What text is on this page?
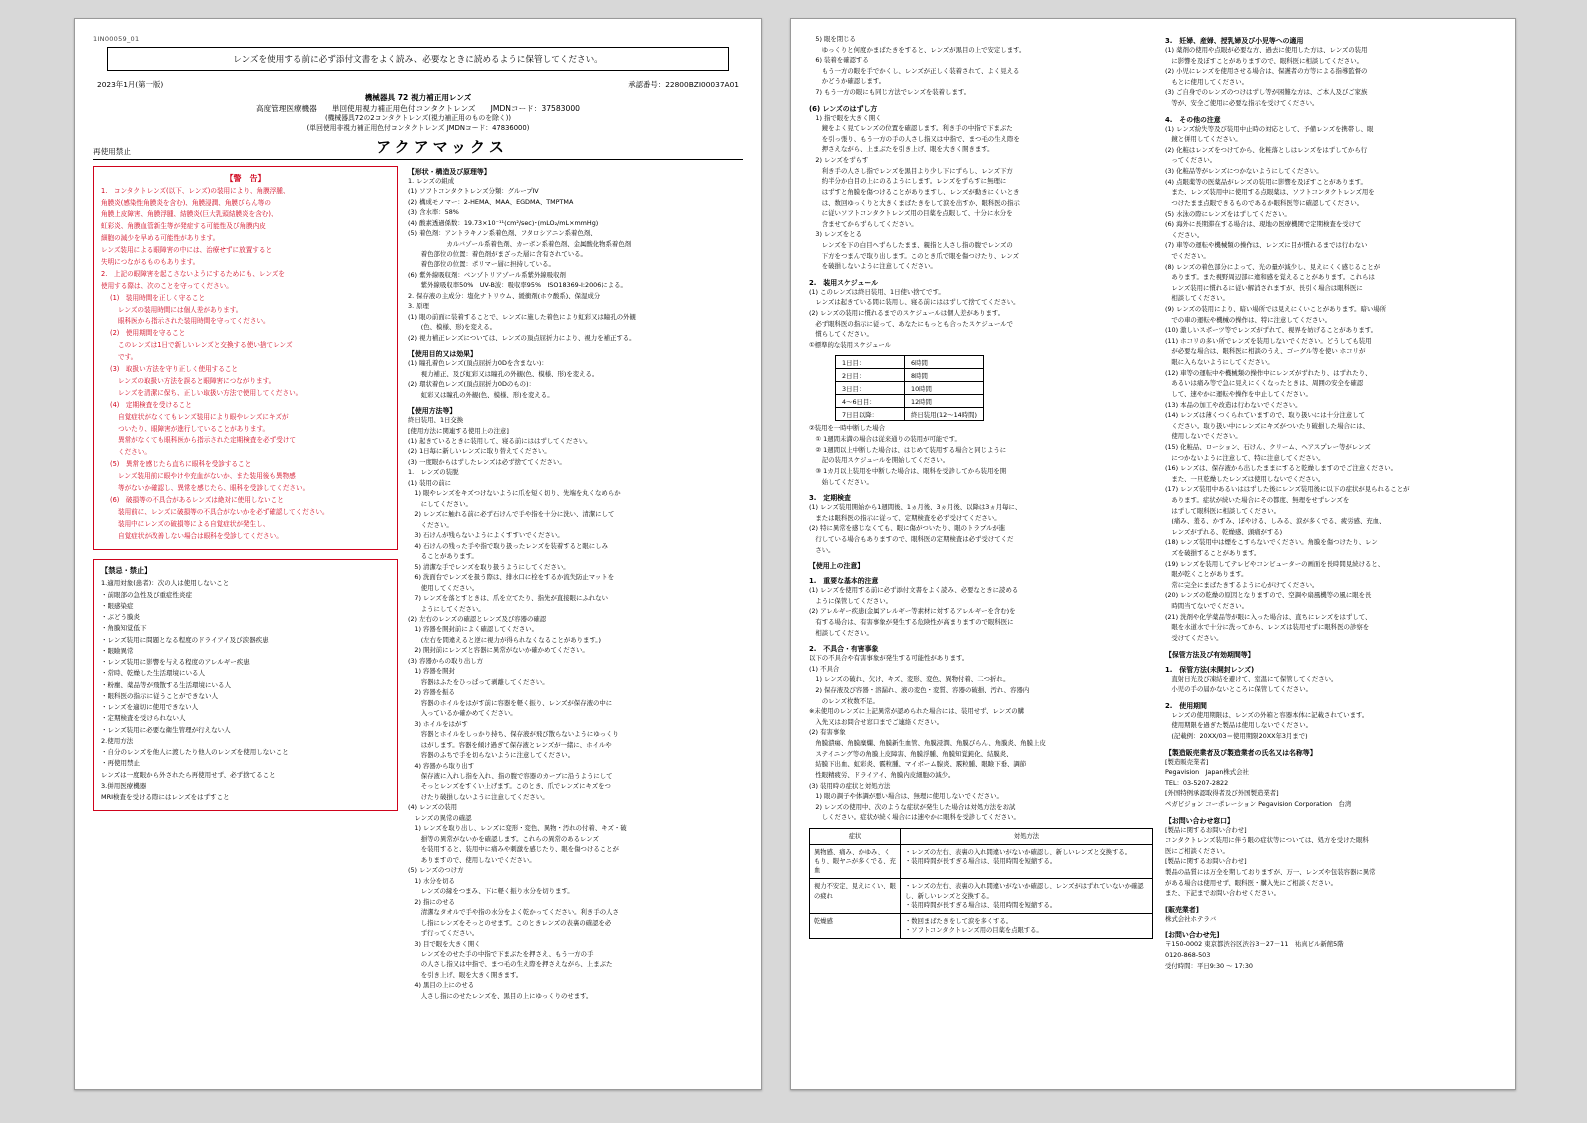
1IN00059_01
レンズを使用する前に必ず添付文書をよく読み、必要なときに読めるように保管してください。
2023年1月(第一版)	承認番号：22800BZI00037A01
機械器具 72 視力補正用レンズ
高度管理医療機器　　単回使用視力補正用色付コンタクトレンズ　　JMDNコード：37583000
(機械器具72の2コンタクトレンズ(視力補正用のものを除く))
(単回使用非視力補正用色付コンタクトレンズ JMDNコード：47836000)
再使用禁止	アクアマックス
【警　告】

1.　コンタクトレンズ(以下、レンズ)の装用により、角膜浮腫、

角膜炎(感染性角膜炎を含む)、角膜浸潤、角膜びらん等の

角膜上皮障害、角膜浮腫、結膜炎(巨大乳頭結膜炎を含む)、

虹彩炎、角膜血管新生等が発症する可能性及び角膜内皮

細胞の減少を早める可能性があります。

レンズ装用による眼障害の中には、治療せずに放置すると

失明につながるものもあります。

2.　上記の眼障害を起こさないようにするためにも、レンズを

使用する際は、次のことを守ってください。

(1)　装用時間を正しく守ること

レンズの装用時間には個人差があります。

眼科医から指示された装用時間を守ってください。

(2)　使用期間を守ること

このレンズは1日で新しいレンズと交換する使い捨てレンズ

です。

(3)　取扱い方法を守り正しく使用すること

レンズの取扱い方法を誤ると眼障害につながります。

レンズを清潔に保ち、正しい取扱い方法で使用してください。

(4)　定期検査を受けること

自覚症状がなくてもレンズ装用により眼やレンズにキズが

ついたり、眼障害が進行していることがあります。

異常がなくても眼科医から指示された定期検査を必ず受けて

ください。

(5)　異常を感じたら直ちに眼科を受診すること

レンズ装用前に眼やけや充血がないか、また装用後も異物感

等がないか確認し、異常を感じたら、眼科を受診してください。

(6)　破損等の不具合があるレンズは絶対に使用しないこと

装用前に、レンズに破損等の不具合がないかを必ず確認してください。

装用中にレンズの破損等による自覚症状が発生し、

自覚症状が改善しない場合は眼科を受診してください。

【禁忌・禁止】

1.適用対象(患者)：次の人は使用しないこと

・前眼部の急性及び重症性炎症

・眼感染症

・ぶどう膜炎

・角膜知覚低下

・レンズ装用に問題となる程度のドライアイ及び涙器疾患

・眼瞼異常

・レンズ装用に影響を与える程度のアレルギー疾患

・常時、乾燥した生活環境にいる人

・粉塵、薬品等が飛散する生活環境にいる人

・眼科医の指示に従うことができない人

・レンズを適切に使用できない人

・定期検査を受けられない人

・レンズ装用に必要な衛生管理が行えない人

2.使用方法

・自分のレンズを他人に渡したり他人のレンズを使用しないこと

・再使用禁止

レンズは一度眼から外されたら再使用せず、必ず捨てること

3.併用医療機器

MRI検査を受ける際にはレンズをはずすこと

【形状・構造及び原理等】

1. レンズの組成

(1) ソフトコンタクトレンズ分類：グループⅣ

(2) 構成モノマー：2-HEMA、MAA、EGDMA、TMPTMA

(3) 含水率：58%

(4) 酸素透過係数：19.73×10⁻¹¹(cm²/sec)･(mLO₂/mL×mmHg)

(5) 着色剤：アントラキノン系着色剤、フタロシアニン系着色剤、

　　　　　　カルバゾール系着色剤、カーボン系着色剤、金属酸化物系着色剤

　　着色部位の位置：着色剤がまざった層に含有されている。

　　着色部位の位置：ポリマー層に担持している。

(6) 紫外線吸収剤：ベンゾトリアゾール系紫外線吸収剤

　　紫外線吸収率50%　UV-B波：吸収率95%　ISO18369-I:2006による。

2. 保存液の主成分：塩化ナトリウム、緩衝剤(ホウ酸系)、保湿成分

3. 原理

(1) 眼の前面に装着することで、レンズに施した着色により虹彩又は瞳孔の外観

　　(色、模様、形)を変える。

(2) 視力補正レンズについては、レンズの頂点屈折力により、視力を補正する。

【使用目的又は効果】

(1) 瞳孔着色レンズ(頂点屈折力0Dを含まない)：

　　視力補正、及び虹彩又は瞳孔の外観(色、模様、形)を変える。

(2) 環状着色レンズ(頂点屈折力0Dのもの)：

　　虹彩又は瞳孔の外観(色、模様、形)を変える。

【使用方法等】

終日装用、1日交換

[使用方法に関連する使用上の注意]

(1) 起きているときに装用して、寝る前にははずしてください。

(2) 1日毎に新しいレンズに取り替えてください。

(3) 一度眼からはずしたレンズは必ず捨ててください。

1.　レンズの装脱

(1) 装用の前に

　1) 眼やレンズをキズつけないように爪を短く切り、先端を丸くなめらか

　　にしてください。

　2) レンズに触れる前に必ず石けんで手や指を十分に洗い、清潔にして

　　ください。

　3) 石けんが残らないようによくすすいでください。

　4) 石けんの残った手や指で取り扱ったレンズを装着すると眼にしみ

　　ることがあります。

　5) 清潔な手でレンズを取り扱うようにしてください。

　6) 洗面台でレンズを扱う際は、排水口に栓をするか流失防止マットを

　　使用してください。

　7) レンズを落とすときは、爪を立てたり、指先が直接眼にふれない

　　ようにしてください。

(2) 左右のレンズの確認とレンズ及び容器の確認

　1) 容器を開封前によく確認してください。

　　(左右を間違えると逆に視力が得られなくなることがあります。)

　2) 開封前にレンズと容器に異常がないか確かめてください。

(3) 容器からの取り出し方

　1) 容器を開封

　　容器はふたをひっぱって剥離してください。

　2) 容器を振る

　　容器のホイルをはがす前に容器を軽く振り、レンズが保存液の中に

　　入っているか確かめてください。

　3) ホイルをはがす

　　容器とホイルをしっかり持ち、保存液が飛び散らないようにゆっくり

　　はがします。容器を傾け過ぎて保存液とレンズが一緒に、ホイルや

　　容器のふちで手を切らないように注意してください。

　4) 容器から取り出す

　　保存液に入れし指を入れ、指の腹で容器のカーブに沿うようにして

　　そっとレンズをすくい上げます。このとき、爪でレンズにキズをつ

　　けたり破損しないように注意してください。

(4) レンズの装用

　レンズの異常の確認

　1) レンズを取り出し、レンズに変形・変色、異物・汚れの付着、キズ・破

　　損等の異常がないかを確認します。これらの異常のあるレンズ

　　を装用すると、装用中に痛みや刺激を感じたり、眼を傷つけることが

　　ありますので、使用しないでください。

(5) レンズのつけ方

　1) 水分を切る

　　レンズの縁をつまみ、下に軽く振り水分を切ります。

　2) 指にのせる

　　清潔なタオルで手や指の水分をよく乾かってください。利き手の人さ

　　し指にレンズをそっとのせます。このときレンズの表裏の確認を必

　　ず行ってください。

　3) 目で眼を大きく開く

　　レンズをのせた手の中指で下まぶたを押さえ、もう一方の手

　　の人さし指又は中指で、まつ毛の生え際を押さえながら、上まぶた

　　を引き上げ、眼を大きく開きます。

　4) 黒目の上にのせる

　　人さし指にのせたレンズを、黒目の上にゆっくりのせます。

　5) 眼を閉じる

　　ゆっくりと何度かまばたきをすると、レンズが黒目の上で安定します。

　6) 装着を確認する

　　もう一方の眼を手でかくし、レンズが正しく装着されて、よく見える

　　かどうか確認します。

　7) もう一方の眼にも同じ方法でレンズを装着します。

(6) レンズのはずし方

　1) 指で眼を大きく開く

　　鏡をよく見てレンズの位置を確認します。利き手の中指で下まぶた

　　を引っ張り、もう一方の手の人さし指又は中指で、まつ毛の生え際を

　　押さえながら、上まぶたを引き上げ、眼を大きく開きます。

　2) レンズをずらす

　　利き手の人さし指でレンズを黒目より少し下にずらし、レンズ下方

　　約半分か白目の上にのるようにします。レンズをずらすに無理に

　　はずすと角膜を傷つけることがありますし、レンズが動きにくいとき

　　は、数回ゆっくりと大きくまばたきをして涙を出すか、眼科医の指示

　　に従いソフトコンタクトレンズ用の目薬を点眼して、十分に水分を

　　含ませてからずらしてください。

　3) レンズをとる

　　レンズを下の白目へずらしたまま、親指と人さし指の腹でレンズの

　　下方をつまんで取り出します。このとき爪で眼を傷つけたり、レンズ

　　を破損しないように注意してください。

2.　装用スケジュール

(1) このレンズは終日装用、1日使い捨てです。

　レンズは起きている間に装用し、寝る前にははずして捨ててください。

(2) レンズの装用に慣れるまでのスケジュールは個人差があります。

　必ず眼科医の指示に従って、あなたにもっとも合ったスケジュールで

　慣らしてください。

①標準的な装用スケジュール

1日目：	6時間
2日目：	8時間
3日目：	10時間
4～6日目：	12時間
7日目以降：	終日装用(12～14時間)

②装用を一時中断した場合

　① 1週間未満の場合は従来通りの装用が可能です。

　② 1週間以上中断した場合は、はじめて装用する場合と同じように

　　記の装用スケジュールを開始してください。

　③ 1カ月以上装用を中断した場合は、眼科を受診してから装用を開

　　始してください。

3.　定期検査

(1) レンズ装用開始から1週間後、1ヵ月後、3ヵ月後、以降は3ヵ月毎に、

　または眼科医の指示に従って、定期検査を必ず受けてください。

(2) 特に異常を感じなくても、眼に傷がついたり、眼のトラブルが進

　行している場合もありますので、眼科医の定期検査は必ず受けてくだ

　さい。

【使用上の注意】
1.　重要な基本的注意

(1) レンズを使用する前に必ず添付文書をよく読み、必要なときに読める

　ように保管してください。

(2) アレルギー疾患(金属アレルギー等素材に対するアレルギーを含む)を

　有する場合は、有害事象が発生する危険性が高まりますので眼科医に

　相談してください。

2.　不具合・有害事象

以下の不具合や有害事象が発生する可能性があります。

(1) 不具合

　1) レンズの破れ、欠け、キズ、変形、変色、異物付着、二つ折れ。

　2) 保存液及び容器・溶漏れ、液の変色・変質、容器の破損、汚れ、容器内

　　のレンズ枚数不足。

※未使用のレンズに上記異常が認められた場合には、装用せず、レンズの購

　入先又はお問合せ窓口までご連絡ください。

(2) 有害事象

　角膜潰瘍、角膜糜爛、角膜新生血管、角膜浸潤、角膜びらん、角膜炎、角膜上皮

　ステイニング等の角膜上皮障害、角膜浮腫、角膜知覚鈍化、結膜炎、

　結膜下出血、虹彩炎、霰粒腫、マイボーム腺炎、霰粒腫、眼瞼下垂、調節

　性眼精疲労、ドライアイ、角膜内皮細胞の減少。

(3) 装用時の症状と対処方法

　1) 眼の調子や体調が悪い場合は、無理に使用しないでください。

　2) レンズの使用中、次のような症状が発生した場合は対処方法をお試

　　しください。症状が続く場合には速やかに眼科を受診してください。

症状	対処方法
異物感、痛み、かゆみ、くもり、眼ヤニが多くでる、充血	・レンズの左右、表裏の入れ間違いがないか確認し、新しいレンズと交換する。
・装用時間が長すぎる場合は、装用時間を短縮する。
視力不安定、見えにくい、眼の疲れ	・レンズの左右、表裏の入れ間違いがないか確認し、レンズがはずれていないか確認し、新しいレンズと交換する。
・装用時間が長すぎる場合は、装用時間を短縮する。
乾燥感	・数回まばたきをして涙を多くする。
・ソフトコンタクトレンズ用の目薬を点眼する。
3.　妊婦、産婦、授乳婦及び小児等への適用

(1) 薬剤の使用や点眼が必要な方、過去に使用した方は、レンズの装用

　に影響を及ぼすことがありますので、眼科医に相談してください。

(2) 小児にレンズを使用させる場合は、保護者の方等による指導監督の

　もとに使用してください。

(3) ご自身でのレンズのつけはずし等が困難な方は、ご本人及びご家族

　等が、安全ご使用に必要な指示を受けてください。

4.　その他の注意

(1) レンズ紛失等及び装用中止時の対応として、予備レンズを携帯し、眼

　鏡と併用してください。

(2) 化粧はレンズをつけてから、化粧落としはレンズをはずしてから行

　ってください。

(3) 化粧品等がレンズにつかないようにしてください。

(4) 点眼薬等の医薬品がレンズの装用に影響を及ぼすことがあります。

　また、レンズ装用中に使用する点眼薬は、ソフトコンタクトレンズ用を

　つけたまま点眼できるものであるか眼科医等に確認してください。

(5) 水泳の際にレンズをはずしてください。

(6) 海外に長期滞在する場合は、現地の医療機関で定期検査を受けて

　ください。

(7) 車等の運転や機械類の操作は、レンズに目が慣れるまでは行わない

　でください。

(8) レンズの着色部分によって、光の量が減少し、見えにくく感じることが

　あります。また視野周辺部に違和感を覚えることがあります。これらは

　レンズ装用に慣れるに従い解消されますが、長引く場合は眼科医に

　相談してください。

(9) レンズの装用により、暗い場所では見えにくいことがあります。暗い場所

　での車の運転や機械の操作は、特に注意してください。

(10) 激しいスポーツ等でレンズがずれて、視界を妨げることがあります。

(11) ホコリの多い所でレンズを装用しないでください。どうしても装用

　が必要な場合は、眼科医に相談のうえ、ゴーグル等を使い ホコリが

　眼に入らないようにしてください。

(12) 車等の運転中や機械類の操作中にレンズがずれたり、はずれたり、

　あるいは痛み等で急に見えにくくなったときは、周囲の安全を確認

　して、速やかに運転や操作を中止してください。

(13) 本品の加工や改造は行わないでください。

(14) レンズは薄くつくられていますので、取り扱いには十分注意して

　ください。取り扱い中にレンズにキズがついたり破損した場合には、

　使用しないでください。

(15) 化粧品、ローション、石けん、クリーム、ヘアスプレー等がレンズ

　につかないように注意して、特に注意してください。

(16) レンズは、保存液から出したままにすると乾燥しますのでご注意ください。

　また、一旦乾燥したレンズは使用しないでください。

(17) レンズ装用中あるいははずした後にレンズ装用後に以下の症状が見られることが

　あります。症状が続いた場合にその都度、無理をせずレンズを

　はずして眼科医に相談してください。

　(痛み、羞る、かすみ、ぼやける、しみる、涙が多くでる、疲労感、充血、

　レンズがずれる、乾燥感、頭痛がする)

(18) レンズ装用中は煙をこすらないでください。角膜を傷つけたり、レン

　ズを破損することがあります。

(19) レンズを装用してテレビやコンピューターの画面を長時間見続けると、

　眼が乾くことがあります。

　常に完全にまばたきするように心がけてください。

(20) レンズの乾燥の原因となりますので、空調や扇風機等の風に眼を長

　時間当てないでください。

(21) 洗剤や化学薬品等が眼に入った場合は、直ちにレンズをはずして、

　眼を水道水で十分に洗ってから、レンズは装用せずに眼科医の診察を

　受けてください。

【保管方法及び有効期間等】
1.　保管方法(未開封レンズ)

　直射日光及び凍結を避けて、室温にて保管してください。

　小児の手の届かないところに保管してください。

2.　使用期間

　レンズの使用期限は、レンズの外箱と容器本体に記載されています。

　使用期限を過ぎた製品は使用しないでください。

　(記載例：20XX/03＝使用期限20XX年3月まで)

【製造販売業者及び製造業者の氏名又は名称等】

[製造販売業者]

Pegavision　Japan株式会社

TEL：03-5207-2822

[外国特例承認取得者及び外国製造業者]

ペガビジョン コーポレーション Pegavision Corporation　台湾

【お問い合わせ窓口】

[製品に関するお問い合わせ]

コンタクトレンズ装用に伴う眼の症状等については、処方を受けた眼科

医にご相談ください。

[製品に関するお問い合わせ]

製品の品質には万全を期しておりますが、万一、レンズや包装容器に異常

がある場合は使用せず、眼科医・購入先にご相談ください。

また、下記までお問い合わせください。

[販売業者]

株式会社ホテラバ

[お問い合わせ先]

〒150-0002 東京都渋谷区渋谷3－27－11　祐真ビル新館5階

0120-868-503

受付時間：平日9:30 ～ 17:30
